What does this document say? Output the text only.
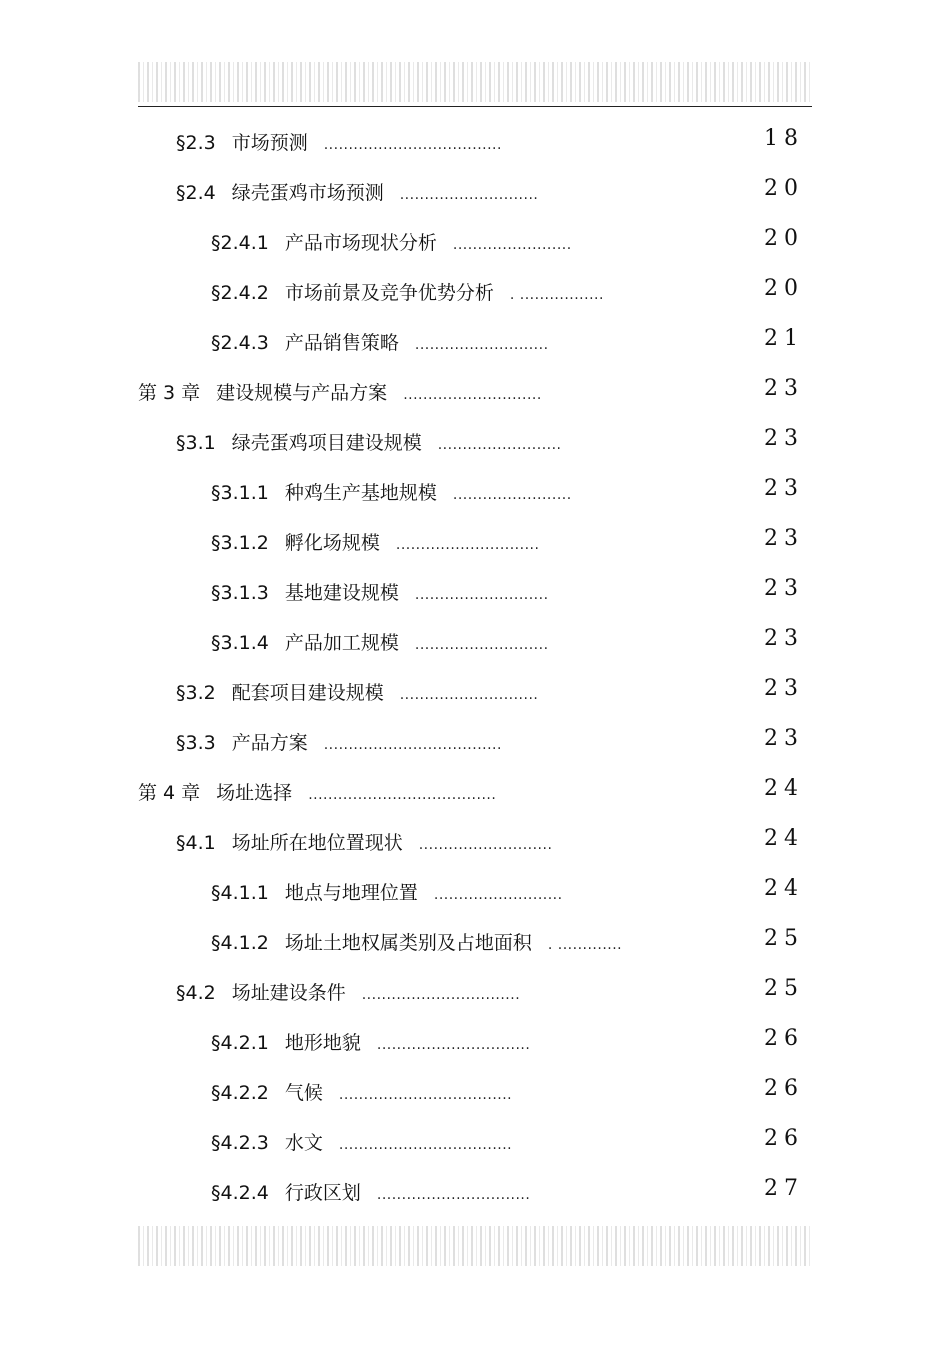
§2.3 市场预测 ....................................	18
§2.4 绿壳蛋鸡市场预测 ............................	20
§2.4.1 产品市场现状分析 ........................	20
§2.4.2 市场前景及竞争优势分析 . .................	20
§2.4.3 产品销售策略 ...........................	21
第 3 章 建设规模与产品方案 ............................	23
§3.1 绿壳蛋鸡项目建设规模 .........................	23
§3.1.1 种鸡生产基地规模 ........................	23
§3.1.2 孵化场规模 .............................	23
§3.1.3 基地建设规模 ...........................	23
§3.1.4 产品加工规模 ...........................	23
§3.2 配套项目建设规模 ............................	23
§3.3 产品方案 ....................................	23
第 4 章 场址选择 ......................................	24
§4.1 场址所在地位置现状 ...........................	24
§4.1.1 地点与地理位置 ..........................	24
§4.1.2 场址土地权属类别及占地面积 . .............	25
§4.2 场址建设条件 ................................	25
§4.2.1 地形地貌 ...............................	26
§4.2.2 气候 ...................................	26
§4.2.3 水文 ...................................	26
§4.2.4 行政区划 ...............................	27
